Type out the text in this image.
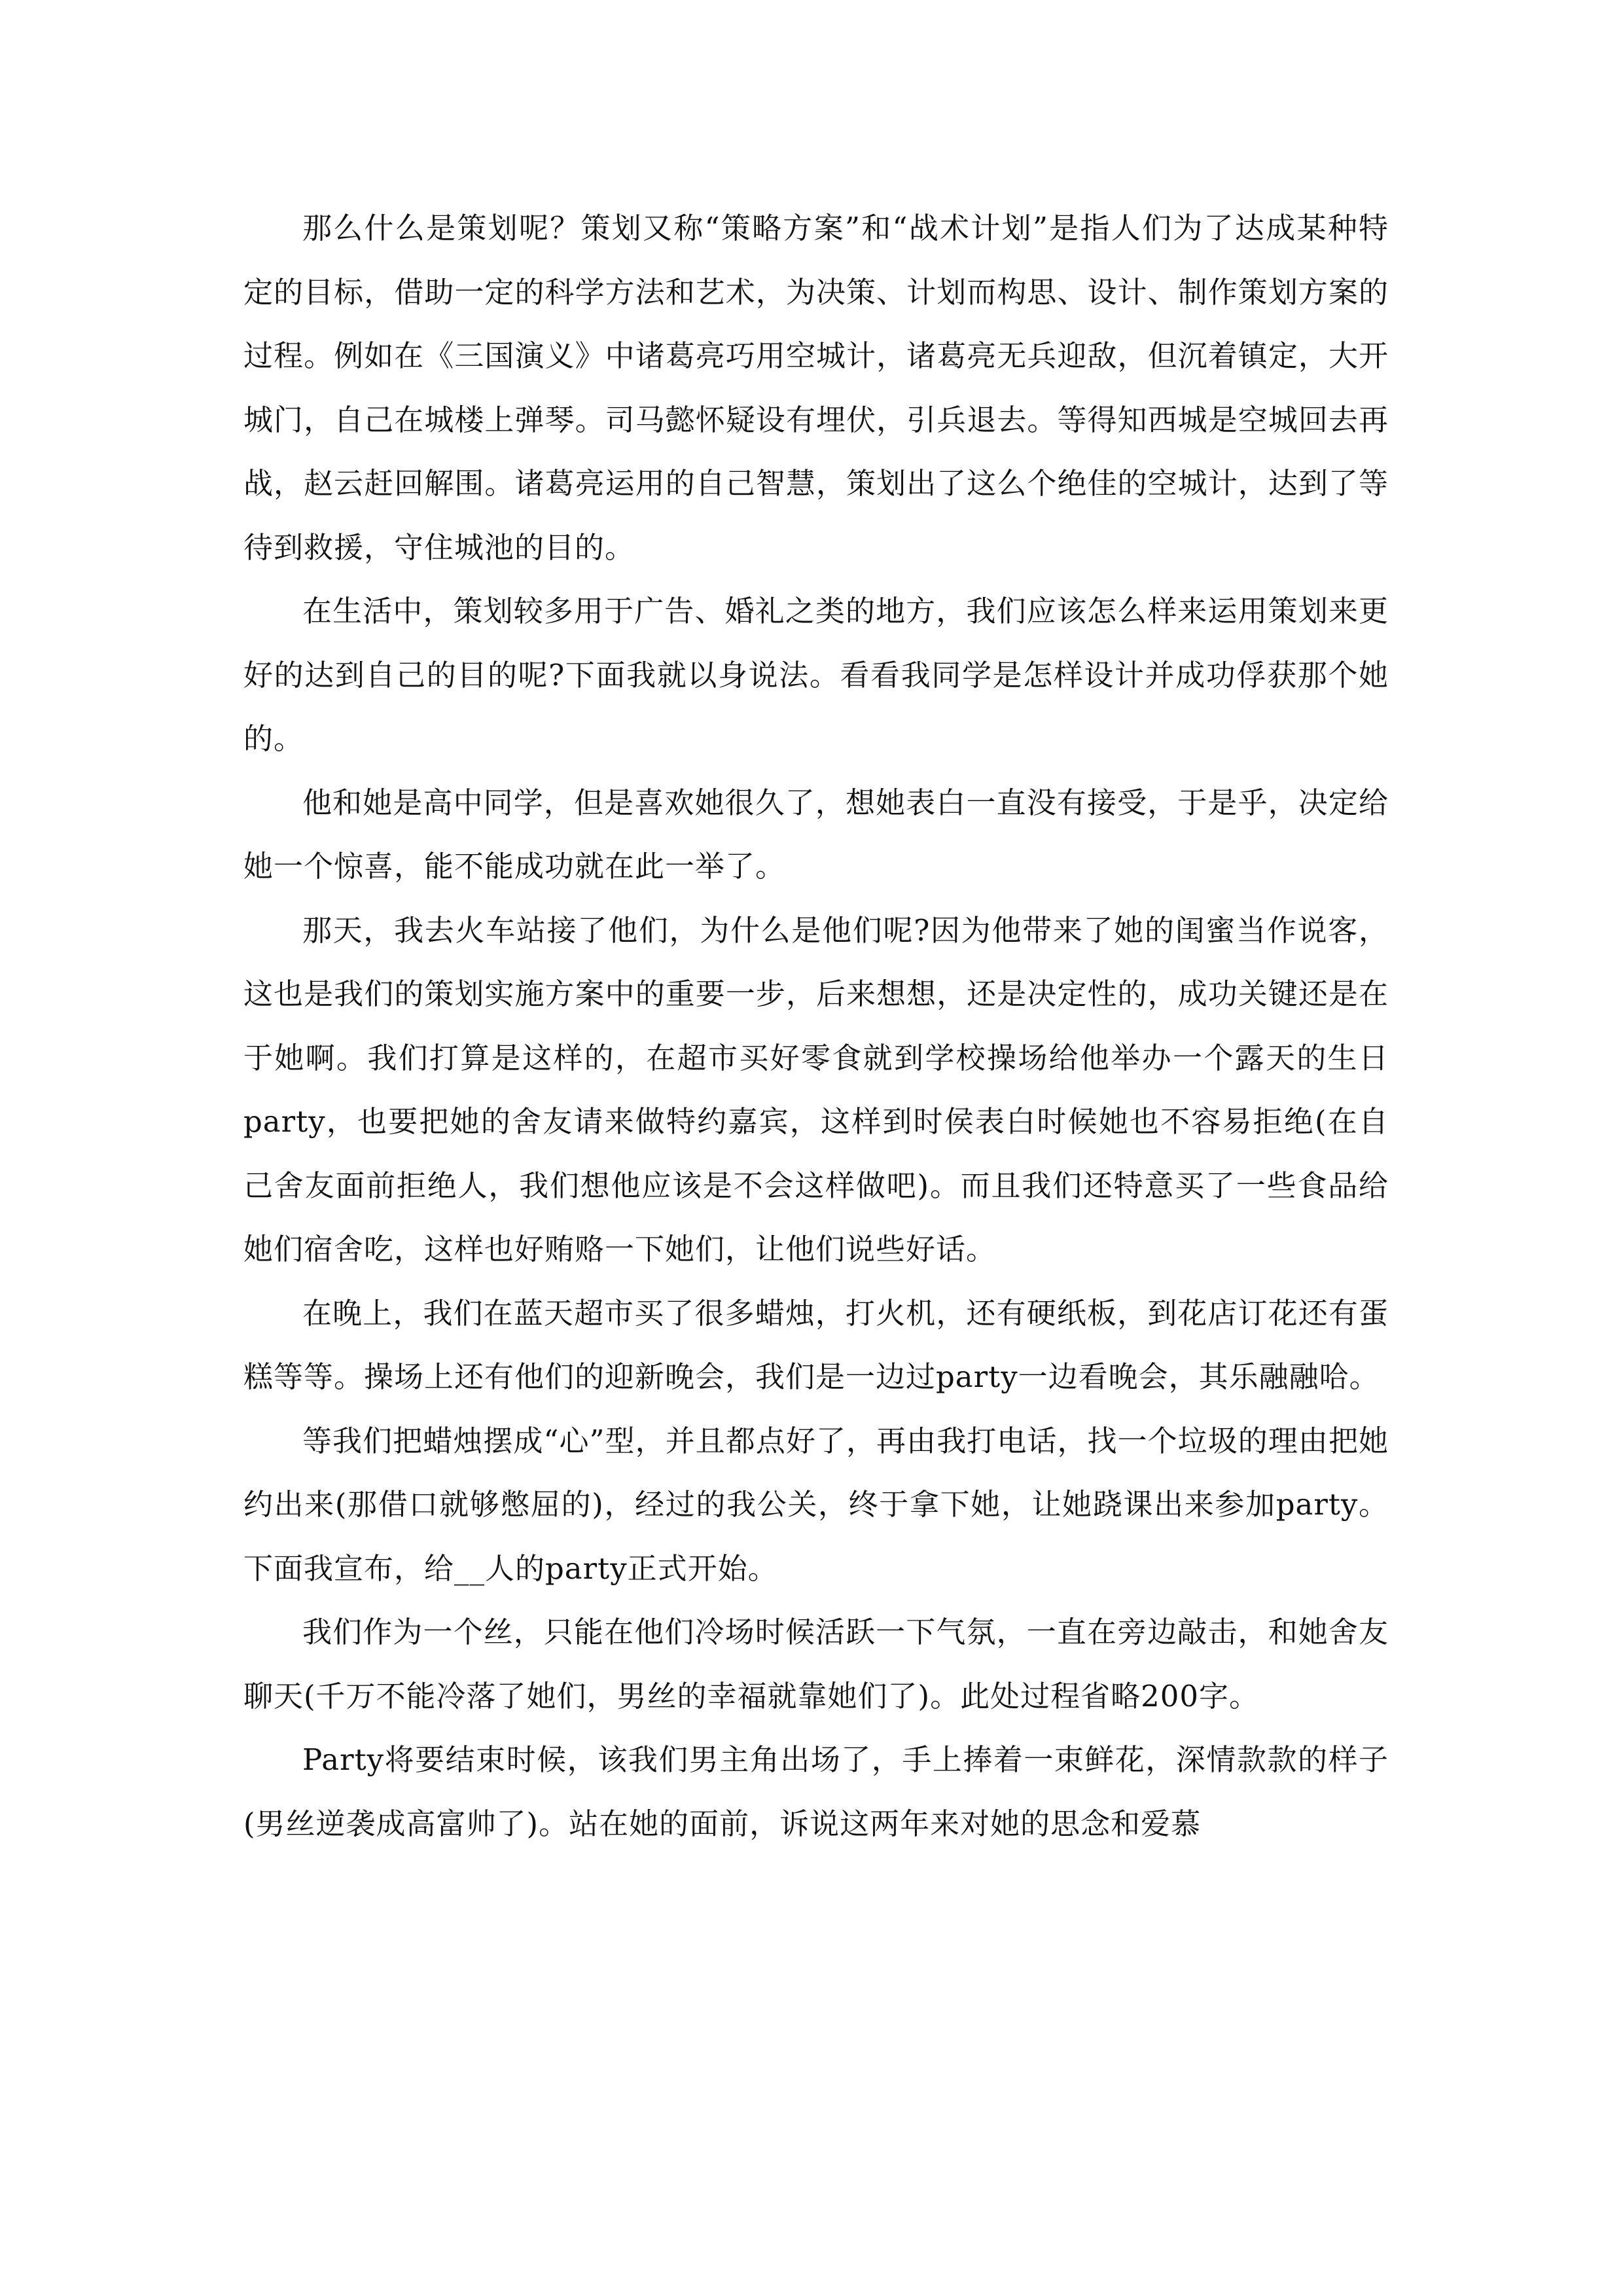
那么什么是策划呢？策划又称“策略方案”和“战术计划”是指人们为了达成某种特定的目标，借助一定的科学方法和艺术，为决策、计划而构思、设计、制作策划方案的过程。例如在《三国演义》中诸葛亮巧用空城计，诸葛亮无兵迎敌，但沉着镇定，大开城门，自己在城楼上弹琴。司马懿怀疑设有埋伏，引兵退去。等得知西城是空城回去再战，赵云赶回解围。诸葛亮运用的自己智慧，策划出了这么个绝佳的空城计，达到了等待到救援，守住城池的目的。

在生活中，策划较多用于广告、婚礼之类的地方，我们应该怎么样来运用策划来更好的达到自己的目的呢?下面我就以身说法。看看我同学是怎样设计并成功俘获那个她的。

他和她是高中同学，但是喜欢她很久了，想她表白一直没有接受，于是乎，决定给她一个惊喜，能不能成功就在此一举了。

那天，我去火车站接了他们，为什么是他们呢?因为他带来了她的闺蜜当作说客，这也是我们的策划实施方案中的重要一步，后来想想，还是决定性的，成功关键还是在于她啊。我们打算是这样的，在超市买好零食就到学校操场给他举办一个露天的生日party，也要把她的舍友请来做特约嘉宾，这样到时侯表白时候她也不容易拒绝(在自己舍友面前拒绝人，我们想他应该是不会这样做吧)。而且我们还特意买了一些食品给她们宿舍吃，这样也好贿赂一下她们，让他们说些好话。

在晚上，我们在蓝天超市买了很多蜡烛，打火机，还有硬纸板，到花店订花还有蛋糕等等。操场上还有他们的迎新晚会，我们是一边过party一边看晚会，其乐融融哈。

等我们把蜡烛摆成“心”型，并且都点好了，再由我打电话，找一个垃圾的理由把她约出来(那借口就够憋屈的)，经过的我公关，终于拿下她，让她跷课出来参加party。下面我宣布，给__人的party正式开始。

我们作为一个丝，只能在他们冷场时候活跃一下气氛，一直在旁边敲击，和她舍友聊天(千万不能冷落了她们，男丝的幸福就靠她们了)。此处过程省略200字。

Party将要结束时候，该我们男主角出场了，手上捧着一束鲜花，深情款款的样子(男丝逆袭成高富帅了)。站在她的面前，诉说这两年来对她的思念和爱慕
